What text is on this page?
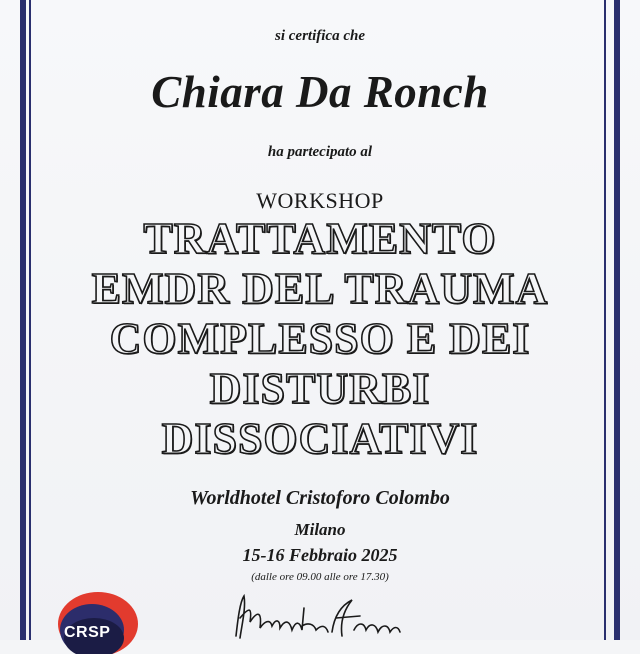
si certifica che
Chiara Da Ronch
ha partecipato al
WORKSHOP
TRATTAMENTO
EMDR DEL TRAUMA
COMPLESSO E DEI
DISTURBI
DISSOCIATIVI
Worldhotel Cristoforo Colombo
Milano
15-16 Febbraio 2025
(dalle ore 09.00 alle ore 17.30)
CRSP
